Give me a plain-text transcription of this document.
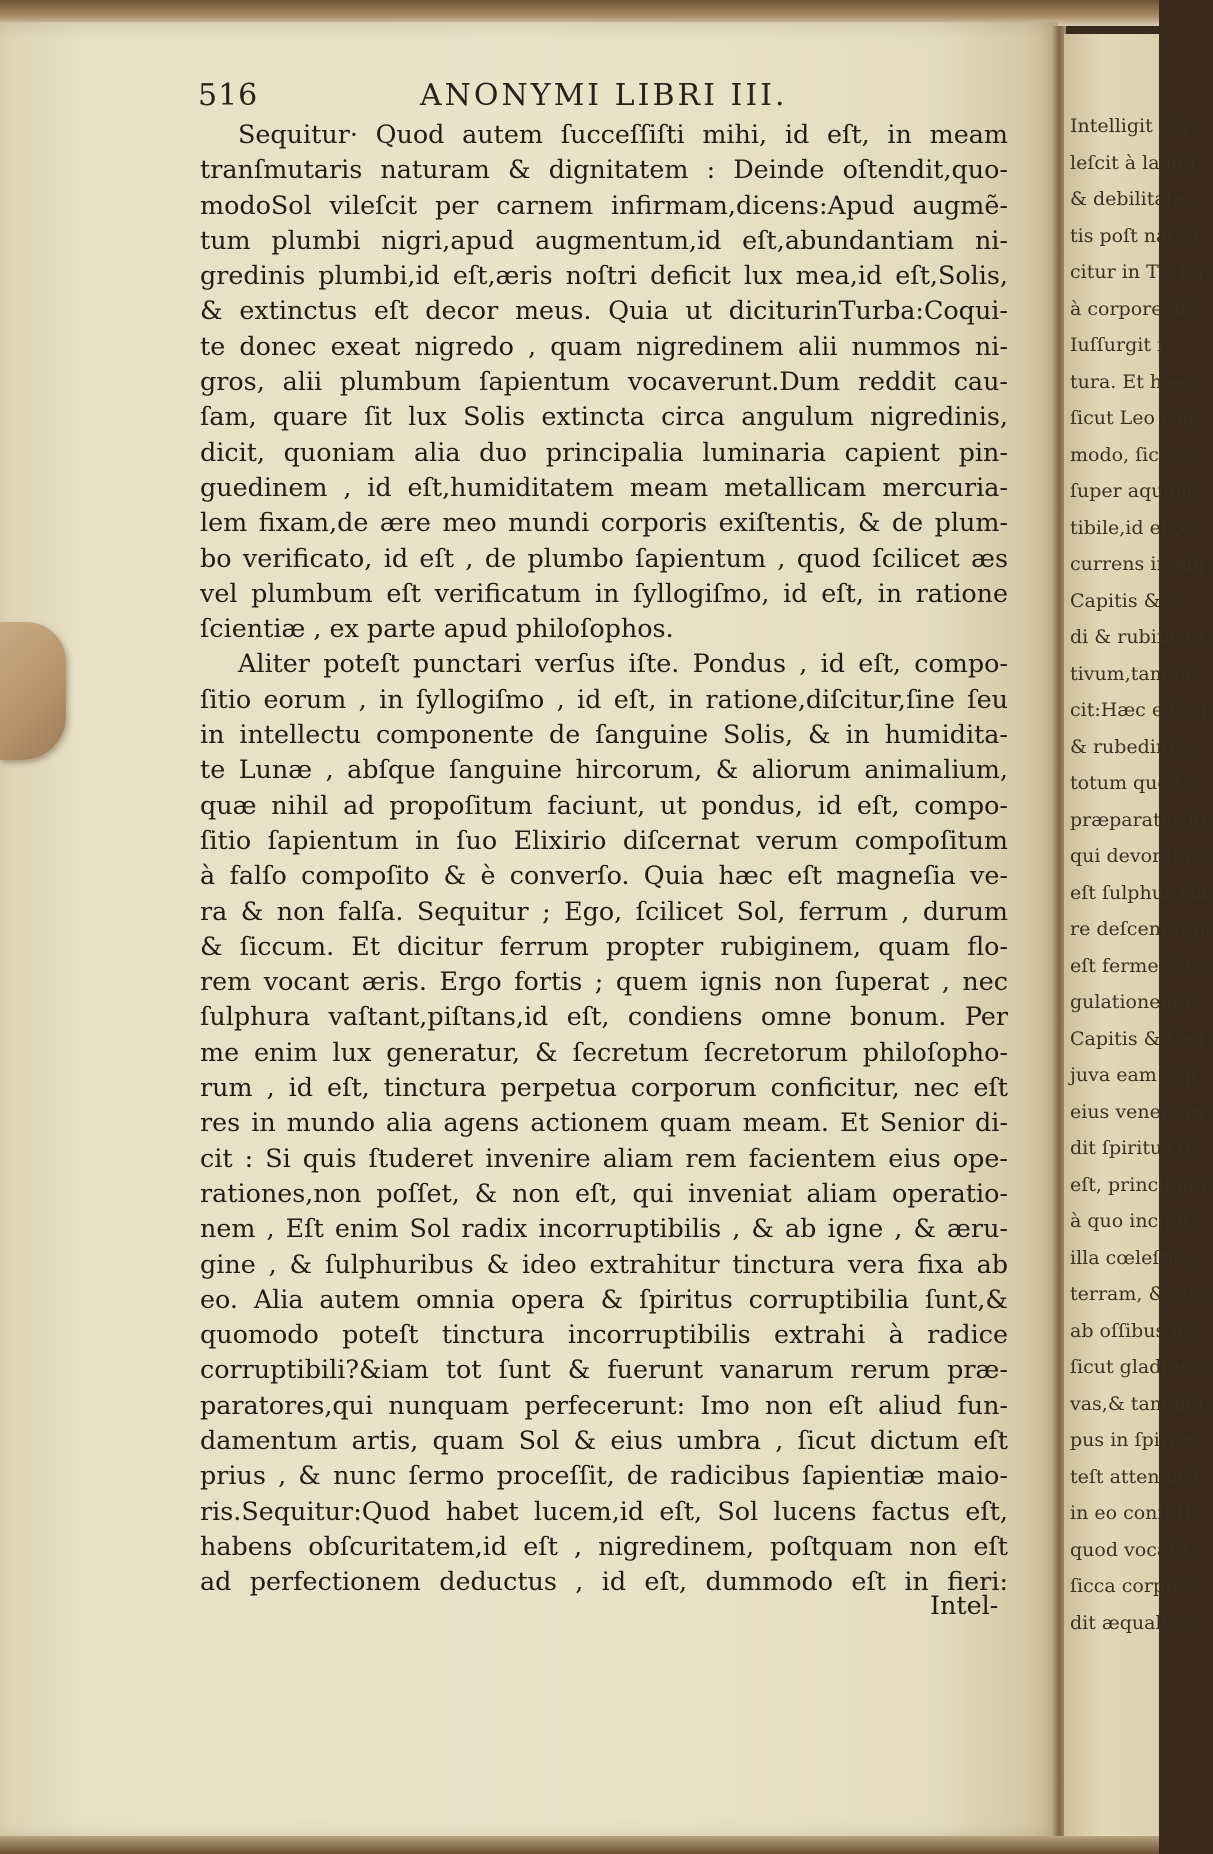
516	ANONYMI LIBRI III.
Sequitur· Quod autem ſucceſſiſti mihi, id eſt, in meam
tranſmutaris naturam & dignitatem : Deinde oſtendit,quo-
modoSol vileſcit per carnem infirmam,dicens:Apud augmẽ-
tum plumbi nigri,apud augmentum,id eſt,abundantiam ni-
gredinis plumbi,id eſt,æris noſtri deficit lux mea,id eſt,Solis,
& extinctus eſt decor meus. Quia ut diciturinTurba:Coqui-
te donec exeat nigredo , quam nigredinem alii nummos ni-
gros, alii plumbum ſapientum vocaverunt.Dum reddit cau-
ſam, quare ſit lux Solis extincta circa angulum nigredinis,
dicit, quoniam alia duo principalia luminaria capient pin-
guedinem , id eſt,humiditatem meam metallicam mercuria-
lem fixam,de ære meo mundi corporis exiſtentis, & de plum-
bo verificato, id eſt , de plumbo ſapientum , quod ſcilicet æs
vel plumbum eſt verificatum in ſyllogiſmo, id eſt, in ratione
ſcientiæ , ex parte apud philoſophos.
Aliter poteſt punctari verſus iſte. Pondus , id eſt, compo-
ſitio eorum , in ſyllogiſmo , id eſt, in ratione,diſcitur,ſine ſeu
in intellectu componente de ſanguine Solis, & in humidita-
te Lunæ , abſque ſanguine hircorum, & aliorum animalium,
quæ nihil ad propoſitum faciunt, ut pondus, id eſt, compo-
ſitio ſapientum in ſuo Elixirio diſcernat verum compoſitum
à falſo compoſito & è converſo. Quia hæc eſt magneſia ve-
ra & non falſa. Sequitur ; Ego, ſcilicet Sol, ferrum , durum
& ſiccum. Et dicitur ferrum propter rubiginem, quam flo-
rem vocant æris. Ergo fortis ; quem ignis non ſuperat , nec
ſulphura vaſtant,piſtans,id eſt, condiens omne bonum. Per
me enim lux generatur, & ſecretum ſecretorum philoſopho-
rum , id eſt, tinctura perpetua corporum conficitur, nec eſt
res in mundo alia agens actionem quam meam. Et Senior di-
cit : Si quis ſtuderet invenire aliam rem facientem eius ope-
rationes,non poſſet, & non eſt, qui inveniat aliam operatio-
nem , Eſt enim Sol radix incorruptibilis , & ab igne , & æru-
gine , & ſulphuribus & ideo extrahitur tinctura vera fixa ab
eo. Alia autem omnia opera & ſpiritus corruptibilia ſunt,&
quomodo poteſt tinctura incorruptibilis extrahi à radice
corruptibili?&iam tot ſunt & fuerunt vanarum rerum præ-
paratores,qui nunquam perfecerunt: Imo non eſt aliud fun-
damentum artis, quam Sol & eius umbra , ſicut dictum eſt
prius , & nunc ſermo proceſſit, de radicibus ſapientiæ maio-
ris.Sequitur:Quod habet lucem,id eſt, Sol lucens factus eſt,
habens obſcuritatem,id eſt , nigredinem, poſtquam non eſt
ad perfectionem deductus , id eſt, dummodo eſt in fieri:
Intel-
Intelligit nig
leſcit à langu
& debilitate,
tis poſt nativi
citur in Turba
à corpore div
Iuſſurgit r
tura. Et hæc
ſicut Leo rug
modo, ſic cor
ſuper aquam
tibile,id eſt,o
currens in nig
Capitis & C
di & rubifican
tivum,tamen
cit:Hæc eſt aq
& rubedinis.
totum quod e
præparatur in
qui devorat ca
eſt ſulphur eiu
re deſcendit pl
eſt fermentum
gulationem,c
Capitis & Cau
juva eam cap
eius venenum
dit ſpiritus,ſc
eſt, principium
à quo incipit,
illa cœleſtis,
terram, & coc
ab oſſibus ſec
ſicut gladius c
vas,& tam diu
pus in ſpiritu
teſt attenuari
in eo conſiſti
quod vocatu
ſicca corpus
dit æqualita
